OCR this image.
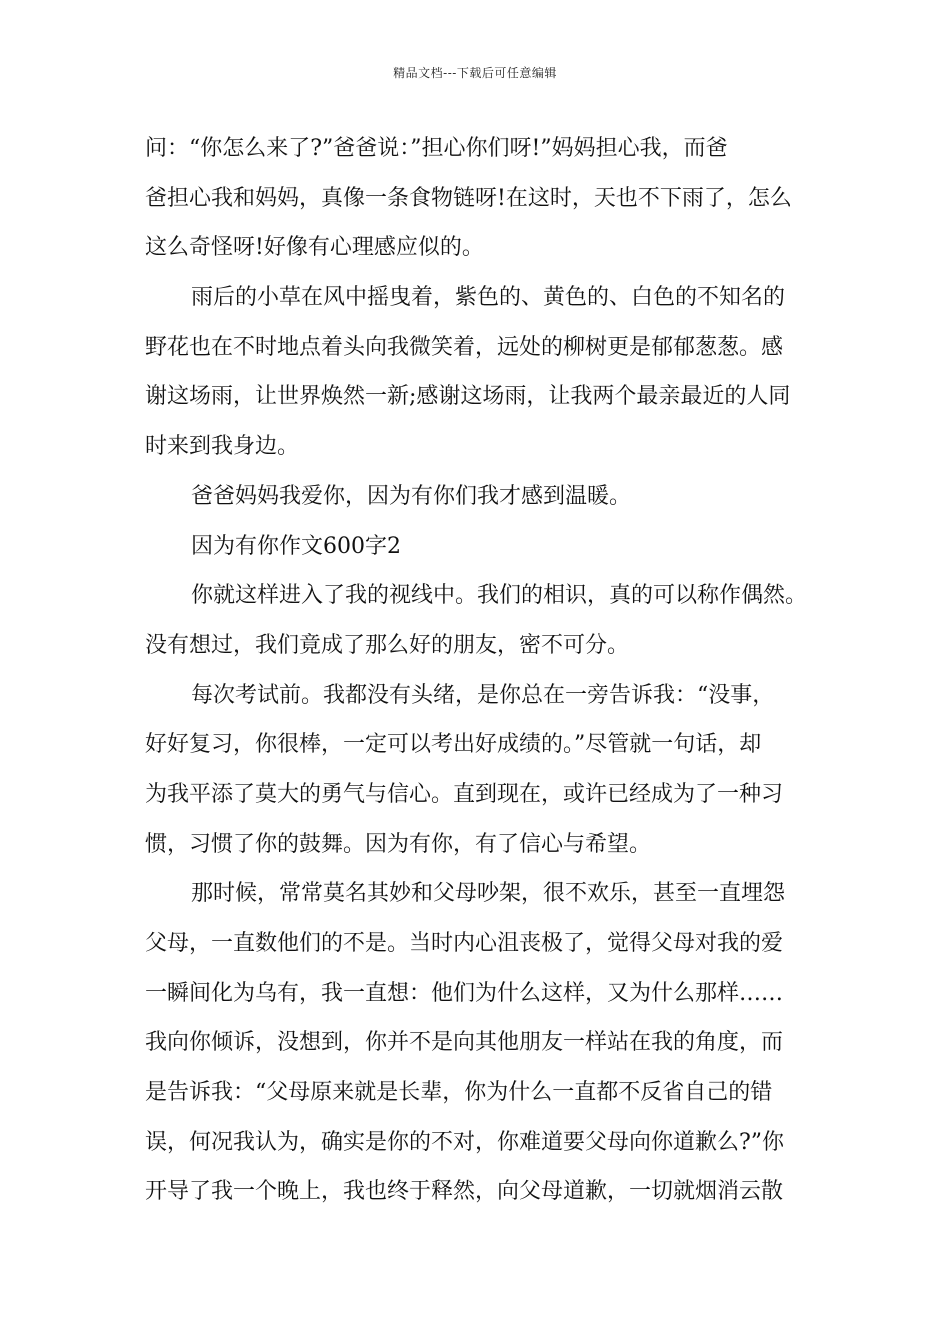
精品文档---下载后可任意编辑
问：“你怎么来了?”爸爸说：”担心你们呀!”妈妈担心我，而爸
爸担心我和妈妈，真像一条食物链呀!在这时，天也不下雨了，怎么
这么奇怪呀!好像有心理感应似的。
雨后的小草在风中摇曳着，紫色的、黄色的、白色的不知名的
野花也在不时地点着头向我微笑着，远处的柳树更是郁郁葱葱。感
谢这场雨，让世界焕然一新;感谢这场雨，让我两个最亲最近的人同
时来到我身边。
爸爸妈妈我爱你，因为有你们我才感到温暖。
因为有你作文600字2
你就这样进入了我的视线中。我们的相识，真的可以称作偶然。
没有想过，我们竟成了那么好的朋友，密不可分。
每次考试前。我都没有头绪，是你总在一旁告诉我：“没事，
好好复习，你很棒，一定可以考出好成绩的。”尽管就一句话，却
为我平添了莫大的勇气与信心。直到现在，或许已经成为了一种习
惯，习惯了你的鼓舞。因为有你，有了信心与希望。
那时候，常常莫名其妙和父母吵架，很不欢乐，甚至一直埋怨
父母，一直数他们的不是。当时内心沮丧极了，觉得父母对我的爱
一瞬间化为乌有，我一直想：他们为什么这样，又为什么那样……
我向你倾诉，没想到，你并不是向其他朋友一样站在我的角度，而
是告诉我：“父母原来就是长辈，你为什么一直都不反省自己的错
误，何况我认为，确实是你的不对，你难道要父母向你道歉么?”你
开导了我一个晚上，我也终于释然，向父母道歉，一切就烟消云散
